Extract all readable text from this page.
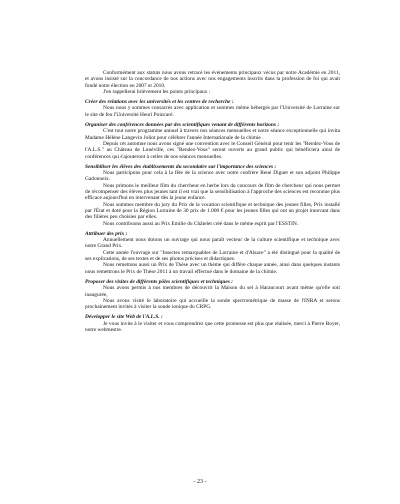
Conformément aux statuts nous avons retracé les événements principaux vécus par notre Académie en 2011, et avons insisté sur la concordance de nos actions avec nos engagements inscrits dans la profession de foi qui avait fondé notre élection en 2007 et 2010.

J'en rappellerai brièvement les points principaux :

Créer des relations avec les universités et les centres de recherche :

Nous nous y sommes consacrés avec application et sommes même hébergés par l'Université de Lorraine sur le site de feu l'Université Henri Poincaré.

Organiser des conférences données par des scientifiques venant de différents horizons :

C'est tout notre programme annuel à travers nos séances mensuelles et notre séance exceptionnelle qui invita Madame Hélène Langevin Joliot pour célébrer l'année Internationale de la chimie .

Depuis cet automne nous avons signé une convention avec le Conseil Général pour tenir les "Rendez-Vous de l'A.L.S." au Château de Lunéville, ces "Rendez-Vous" seront ouverts au grand public qui bénéficiera ainsi de conférences qui s'ajouteront à celles de nos séances mensuelles.

Sensibiliser les élèves des établissements du secondaire sur l'importance des sciences :

Nous participons pour cela à la fête de la science avec notre confrère René Diguet et son adjoint Philippe Gadonneix.

Nous primons le meilleur film du chercheur en herbe lors du concours de film de chercheur qui nous permet de récompenser des élèves plus jeunes tant il est vrai que la sensibilisation à l'approche des sciences est reconnue plus efficace aujourd'hui en intervenant dès la jeune enfance.

Nous sommes membre du jury du Prix de la vocation scientifique et technique des jeunes filles, Prix installé par l'État et doté pour la Région Lorraine de 30 prix de 1.000 € pour les jeunes filles qui ont un projet innovant dans des filières peu choisies par elles.

Nous contribuons aussi au Prix Emilie du Châtelet créé dans le même esprit par l'ESSTIN.

Attribuer des prix :

Annuellement nous dotons un ouvrage qui nous paraît vecteur de la culture scientifique et technique avec notre Grand Prix.

Cette année l'ouvrage sur "Insectes remarquables de Lorraine et d'Alsace" a été distingué pour la qualité de ses explications, de ses textes et de ses photos précises et didactiques.

Nous remettons aussi un Prix de Thèse avec un thème qui diffère chaque année, ainsi dans quelques instants nous remettrons le Prix de Thèse 2011 à un travail effectué dans le domaine de la chimie.

Proposer des visites de différents pôles scientifiques et techniques :

Nous avons permis à nos membres de découvrir la Maison du sel à Haraucourt avant même qu'elle soit inaugurée,

Nous avons visité le laboratoire qui accueille la sonde spectrométrique de masse de l'INRA et serons prochainement invités à visiter la sonde ionique du CRPG.

Développer le site Web de l'A.L.S. :

Je vous invite à le visiter et vous comprendrez que cette promesse est plus que réalisée, merci à Pierre Boyer, notre webmestre.

- 23 -
